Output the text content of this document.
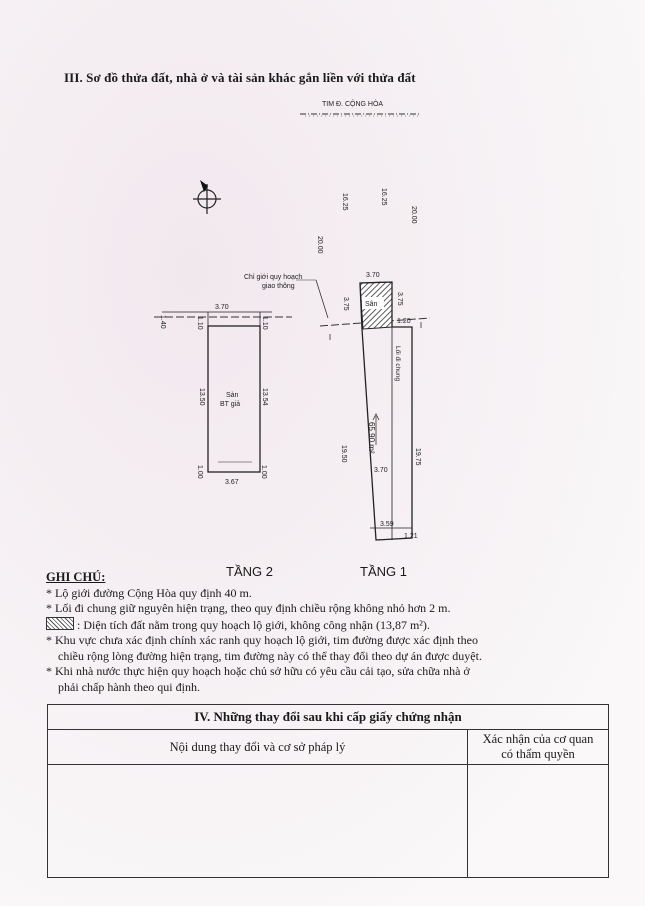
III. Sơ đồ thửa đất, nhà ở và tài sản khác gắn liền với thửa đất
TIM Đ. CỘNG HÒA
20.00
16.25	16.25
20.00
Chỉ giới quy hoạch
giao thông
3.70
1.40	1.10	1.10
13.50	13.54
1.00	1.00
3.67
Sàn
BT giả
Sân
3.70
3.75	3.75
1.20
Lối đi chung
65.90 m²
19.50	19.75
3.70
3.59
1.21
TẦNG 2	TẦNG 1
GHI CHÚ:
* Lộ giới đường Cộng Hòa quy định 40 m.
* Lối đi chung giữ nguyên hiện trạng, theo quy định chiều rộng không nhỏ hơn 2 m.
: Diện tích đất nằm trong quy hoạch lộ giới, không công nhận (13,87 m²).
* Khu vực chưa xác định chính xác ranh quy hoạch lộ giới, tim đường được xác định theo
chiều rộng lòng đường hiện trạng, tim đường này có thể thay đổi theo dự án được duyệt.
* Khi nhà nước thực hiện quy hoạch hoặc chủ sở hữu có yêu cầu cải tạo, sửa chữa nhà ở
phải chấp hành theo qui định.
IV. Những thay đổi sau khi cấp giấy chứng nhận	
Nội dung thay đổi và cơ sở pháp lý	Xác nhận của cơ quan
có thẩm quyền
